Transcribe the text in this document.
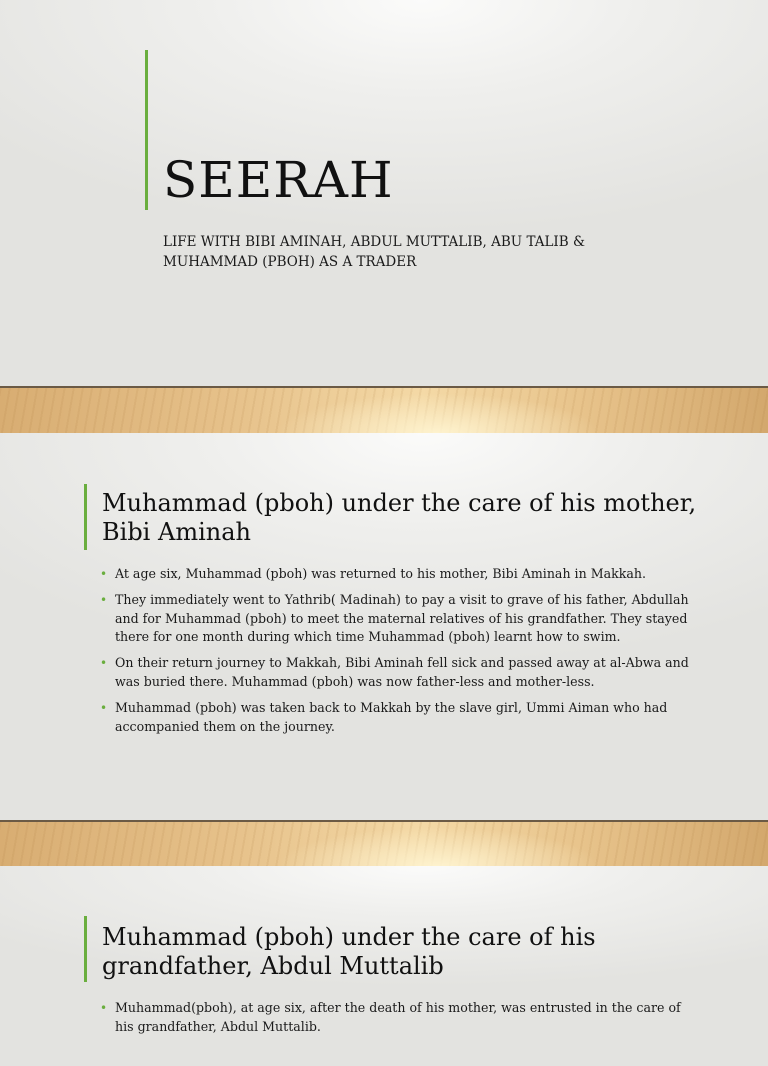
SEERAH

LIFE WITH BIBI AMINAH, ABDUL MUTTALIB, ABU TALIB & MUHAMMAD (PBOH) AS A TRADER

Muhammad (pboh) under the care of his mother, Bibi Aminah
• At age six, Muhammad (pboh) was returned to his mother, Bibi Aminah in Makkah.
• They immediately went to Yathrib( Madinah) to pay a visit to grave of his father, Abdullah and for Muhammad (pboh) to meet the maternal relatives of his grandfather. They stayed there for one month during which time Muhammad (pboh) learnt how to swim.
• On their return journey to Makkah, Bibi Aminah fell sick and passed away at al-Abwa and was buried there. Muhammad (pboh) was now father-less and mother-less.
• Muhammad (pboh) was taken back to Makkah by the slave girl, Ummi Aiman who had accompanied them on the journey.
Muhammad (pboh) under the care of his grandfather, Abdul Muttalib
• Muhammad(pboh), at age six, after the death of his mother, was entrusted in the care of his grandfather, Abdul Muttalib.
